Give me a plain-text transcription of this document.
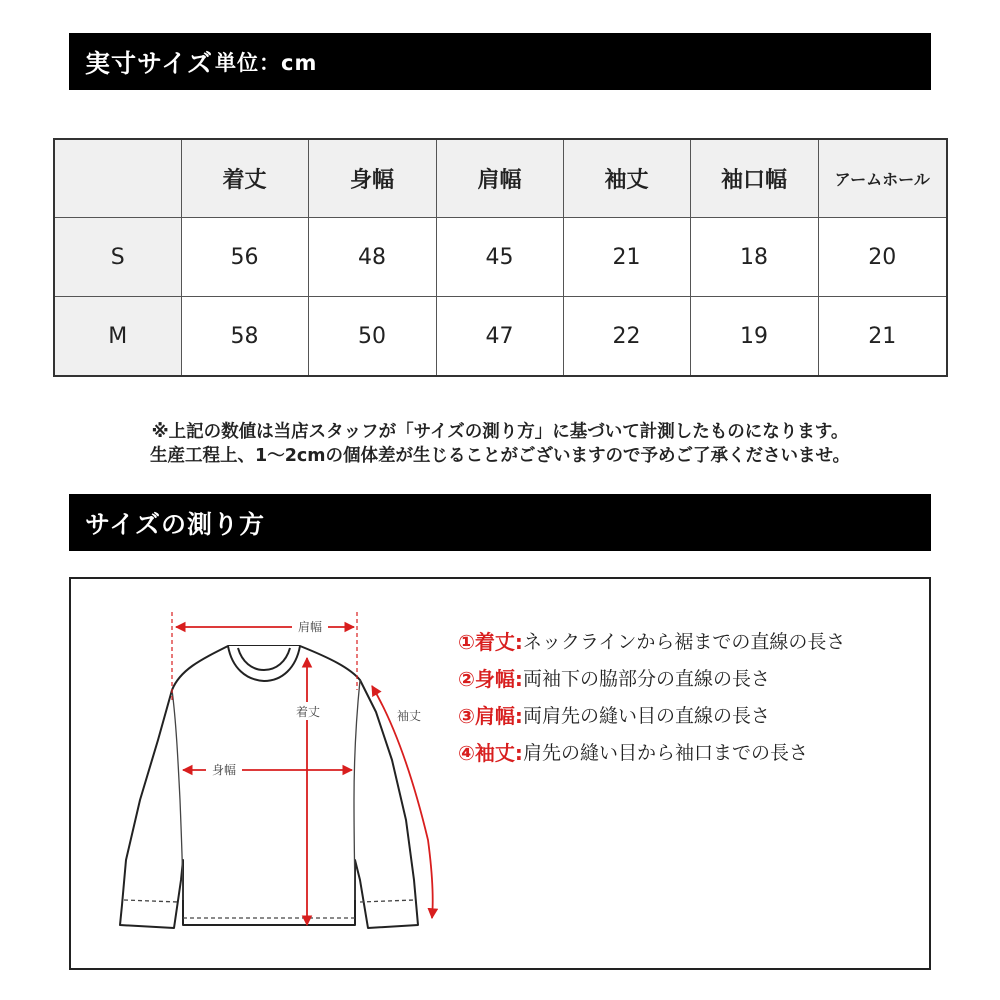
実寸サイズ 単位：cm
	着丈	身幅	肩幅	袖丈	袖口幅	アームホール
S	56	48	45	21	18	20
M	58	50	47	22	19	21
※上記の数値は当店スタッフが「サイズの測り方」に基づいて計測したものになります。
生産工程上、1〜2cmの個体差が生じることがございますので予めご了承くださいませ。
サイズの測り方
肩幅
着丈
身幅
袖丈
①着丈: ネックラインから裾までの直線の長さ
②身幅: 両袖下の脇部分の直線の長さ
③肩幅: 両肩先の縫い目の直線の長さ
④袖丈: 肩先の縫い目から袖口までの長さ
